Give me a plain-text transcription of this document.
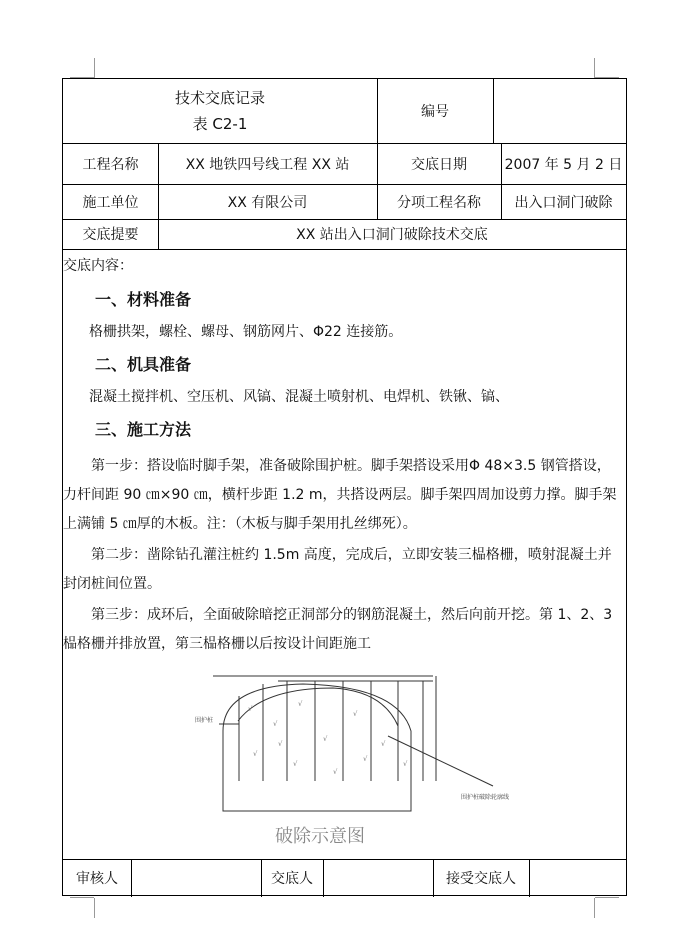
技术交底记录
表 C2-1
编号
工程名称	XX 地铁四号线工程 XX 站	交底日期	2007 年 5 月 2 日
施工单位	XX 有限公司	分项工程名称	出入口洞门破除
交底提要	XX 站出入口洞门破除技术交底
交底内容：
一、材料准备
格栅拱架，螺栓、螺母、钢筋网片、Φ22 连接筋。
二、机具准备
混凝土搅拌机、空压机、风镐、混凝土喷射机、电焊机、铁锹、镐、
三、施工方法
第一步：搭设临时脚手架，准备破除围护桩。脚手架搭设采用Φ 48×3.5 钢管搭设，力杆间距 90 ㎝×90 ㎝，横杆步距 1.2 m，共搭设两层。脚手架四周加设剪力撑。脚手架上满铺 5 ㎝厚的木板。注：（木板与脚手架用扎丝绑死）。
第二步：凿除钻孔灌注桩约 1.5m 高度，完成后，立即安装三榀格栅，喷射混凝土并封闭桩间位置。
第三步：成环后，全面破除暗挖正洞部分的钢筋混凝土，然后向前开挖。第 1、2、3 榀格栅并排放置，第三榀格栅以后按设计间距施工
√
√
√
√
√
√
√
√
√
√
√
√
围护桩
围护桩破除轮廓线
破除示意图
审核人	交底人	接受交底人
